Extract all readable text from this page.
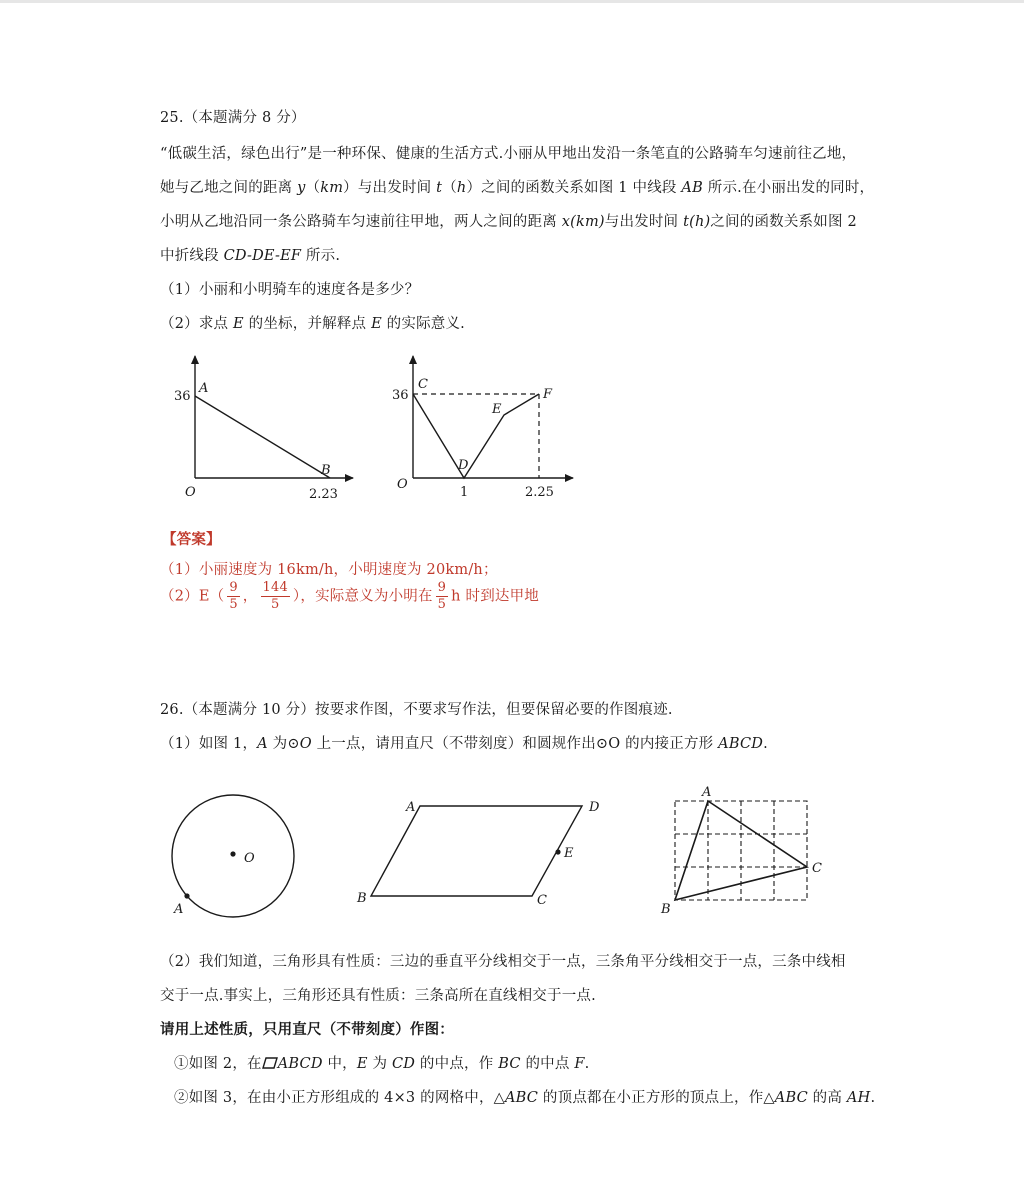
25.（本题满分 8 分）
“低碳生活，绿色出行”是一种环保、健康的生活方式.小丽从甲地出发沿一条笔直的公路骑车匀速前往乙地，
她与乙地之间的距离 y（km）与出发时间 t（h）之间的函数关系如图 1 中线段 AB 所示.在小丽出发的同时，
小明从乙地沿同一条公路骑车匀速前往甲地，两人之间的距离 x(km)与出发时间 t(h)之间的函数关系如图 2
中折线段 CD-DE-EF 所示.
（1）小丽和小明骑车的速度各是多少？
（2）求点 E 的坐标，并解释点 E 的实际意义.
36
A
B
O	2.23
36
C
D
E
F
O
1	2.25
【答案】
（1）小丽速度为 16km/h，小明速度为 20km/h；
$(2)E( \frac{9}{5}$ ， $\frac{144}{5}$ ），实际意义为小明在 $\frac{9}{5}$ h 时到达甲地
26.（本题满分 10 分）按要求作图，不要求写作法，但要保留必要的作图痕迹.
（1）如图 1，A 为⊙O 上一点，请用直尺（不带刻度）和圆规作出⊙O 的内接正方形 ABCD.
O
A
A	D
E
B	C
A
C
B
（2）我们知道，三角形具有性质：三边的垂直平分线相交于一点，三条角平分线相交于一点，三条中线相
交于一点.事实上，三角形还具有性质：三条高所在直线相交于一点.
请用上述性质，只用直尺（不带刻度）作图：
①如图 2，在 ABCD 中，E 为 CD 的中点，作 BC 的中点 F.
②如图 3，在由小正方形组成的 4×3 的网格中，△ABC 的顶点都在小正方形的顶点上，作△ABC 的高 AH.
